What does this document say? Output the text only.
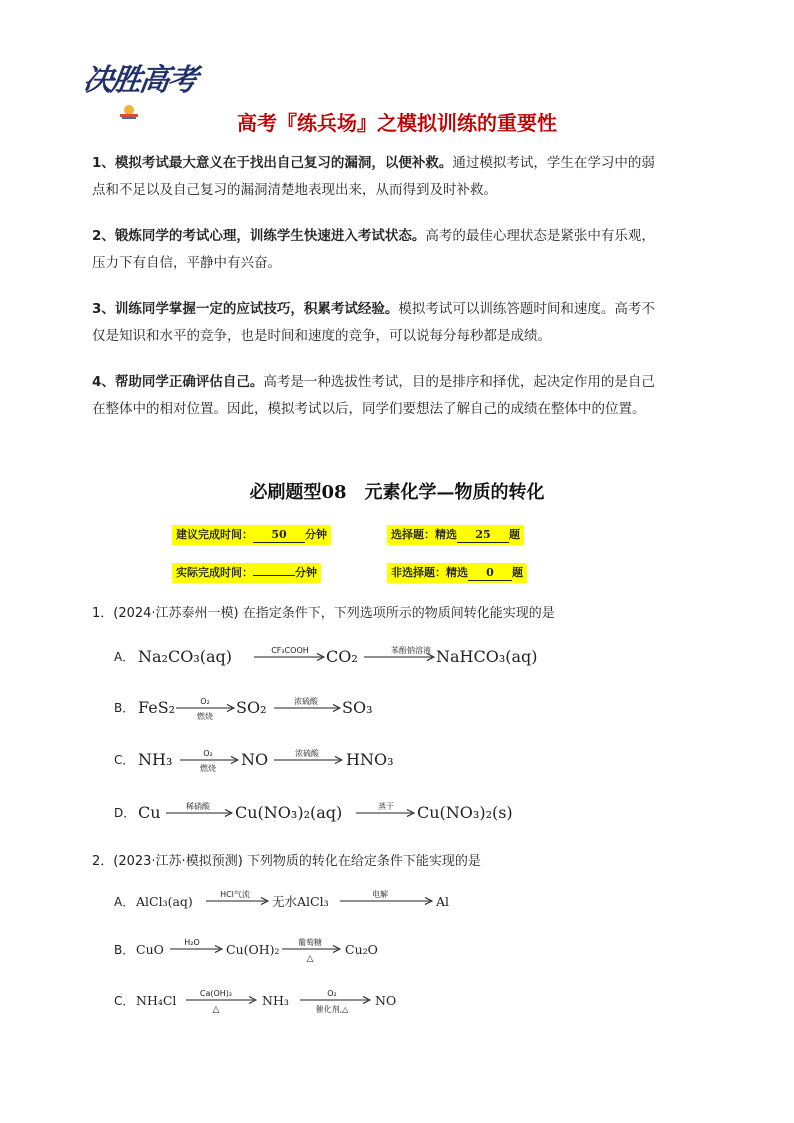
决胜高考
高考『练兵场』之模拟训练的重要性
1、模拟考试最大意义在于找出自己复习的漏洞，以便补救。通过模拟考试，学生在学习中的弱
点和不足以及自己复习的漏洞清楚地表现出来，从而得到及时补救。
2、锻炼同学的考试心理，训练学生快速进入考试状态。高考的最佳心理状态是紧张中有乐观，
压力下有自信，平静中有兴奋。
3、训练同学掌握一定的应试技巧，积累考试经验。模拟考试可以训练答题时间和速度。高考不
仅是知识和水平的竞争，也是时间和速度的竞争，可以说每分每秒都是成绩。
4、帮助同学正确评估自己。高考是一种选拔性考试，目的是排序和择优，起决定作用的是自己
在整体中的相对位置。因此，模拟考试以后，同学们要想法了解自己的成绩在整体中的位置。
必刷题型08　元素化学—物质的转化
建议完成时间： 50 分钟	选择题：精选 25 题
实际完成时间：	分钟	非选择题：精选 0 题
1．(2024·江苏泰州一模) 在指定条件下，下列选项所示的物质间转化能实现的是
A． Na₂CO₃(aq)	CF₃COOH CO₂	苯酚钠溶液 NaHCO₃(aq)
B． FeS₂	O₂
燃烧 SO₂	浓硫酸 SO₃
C． NH₃	O₂
燃烧 NO	浓硫酸 HNO₃
D． Cu	稀硝酸 Cu(NO₃)₂(aq)	蒸干 Cu(NO₃)₂(s)
2．(2023·江苏·模拟预测) 下列物质的转化在给定条件下能实现的是
A． AlCl₃(aq)	HCl气流 无水AlCl₃	电解	Al
B． CuO	H₂O Cu(OH)₂ 葡萄糖
△
Cu₂O
C． NH₄Cl	Ca(OH)₂
△
NH₃	O₂
催化剂,△
NO
